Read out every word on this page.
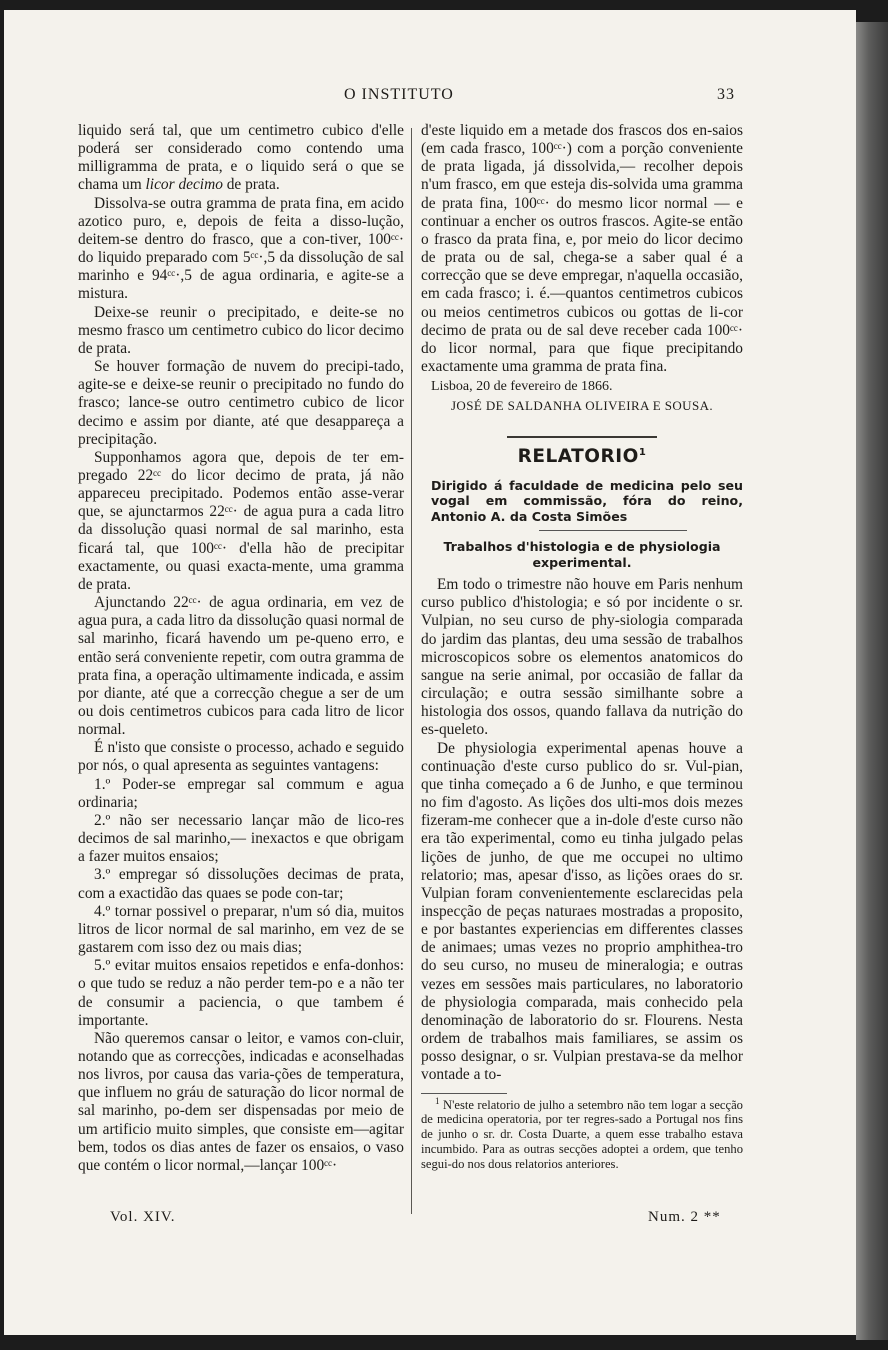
O INSTITUTO	33

liquido será tal, que um centimetro cubico d'elle poderá ser considerado como contendo uma milligramma de prata, e o liquido será o que se chama um licor decimo de prata.

Dissolva-se outra gramma de prata fina, em acido azotico puro, e, depois de feita a disso-lução, deitem-se dentro do frasco, que a con-tiver, 100ᶜᶜ· do liquido preparado com 5ᶜᶜ·,5 da dissolução de sal marinho e 94ᶜᶜ·,5 de agua ordinaria, e agite-se a mistura.

Deixe-se reunir o precipitado, e deite-se no mesmo frasco um centimetro cubico do licor decimo de prata.

Se houver formação de nuvem do precipi-tado, agite-se e deixe-se reunir o precipitado no fundo do frasco; lance-se outro centimetro cubico de licor decimo e assim por diante, até que desappareça a precipitação.

Supponhamos agora que, depois de ter em-pregado 22ᶜᶜ do licor decimo de prata, já não appareceu precipitado. Podemos então asse-verar que, se ajunctarmos 22ᶜᶜ· de agua pura a cada litro da dissolução quasi normal de sal marinho, esta ficará tal, que 100ᶜᶜ· d'ella hão de precipitar exactamente, ou quasi exacta-mente, uma gramma de prata.

Ajunctando 22ᶜᶜ· de agua ordinaria, em vez de agua pura, a cada litro da dissolução quasi normal de sal marinho, ficará havendo um pe-queno erro, e então será conveniente repetir, com outra gramma de prata fina, a operação ultimamente indicada, e assim por diante, até que a correcção chegue a ser de um ou dois centimetros cubicos para cada litro de licor normal.

É n'isto que consiste o processo, achado e seguido por nós, o qual apresenta as seguintes vantagens:

1.º Poder-se empregar sal commum e agua ordinaria;

2.º não ser necessario lançar mão de lico-res decimos de sal marinho,— inexactos e que obrigam a fazer muitos ensaios;

3.º empregar só dissoluções decimas de prata, com a exactidão das quaes se pode con-tar;

4.º tornar possivel o preparar, n'um só dia, muitos litros de licor normal de sal marinho, em vez de se gastarem com isso dez ou mais dias;

5.º evitar muitos ensaios repetidos e enfa-donhos: o que tudo se reduz a não perder tem-po e a não ter de consumir a paciencia, o que tambem é importante.

Não queremos cansar o leitor, e vamos con-cluir, notando que as correcções, indicadas e aconselhadas nos livros, por causa das varia-ções de temperatura, que influem no gráu de saturação do licor normal de sal marinho, po-dem ser dispensadas por meio de um artificio muito simples, que consiste em—agitar bem, todos os dias antes de fazer os ensaios, o vaso que contém o licor normal,—lançar 100ᶜᶜ·

d'este liquido em a metade dos frascos dos en-saios (em cada frasco, 100ᶜᶜ·) com a porção conveniente de prata ligada, já dissolvida,— recolher depois n'um frasco, em que esteja dis-solvida uma gramma de prata fina, 100ᶜᶜ· do mesmo licor normal — e continuar a encher os outros frascos. Agite-se então o frasco da prata fina, e, por meio do licor decimo de prata ou de sal, chega-se a saber qual é a correcção que se deve empregar, n'aquella occasião, em cada frasco; i. é.—quantos centimetros cubicos ou meios centimetros cubicos ou gottas de li-cor decimo de prata ou de sal deve receber cada 100ᶜᶜ· do licor normal, para que fique precipitando exactamente uma gramma de prata fina.

Lisboa, 20 de fevereiro de 1866.
JOSÉ DE SALDANHA OLIVEIRA E SOUSA.
RELATORIO$^1$
Dirigido á faculdade de medicina pelo seu vogal em commissão, fóra do reino, Antonio A. da Costa Simões
Trabalhos d'histologia e de physiologia experimental.

Em todo o trimestre não houve em Paris nenhum curso publico d'histologia; e só por incidente o sr. Vulpian, no seu curso de phy-siologia comparada do jardim das plantas, deu uma sessão de trabalhos microscopicos sobre os elementos anatomicos do sangue na serie animal, por occasião de fallar da circulação; e outra sessão similhante sobre a histologia dos ossos, quando fallava da nutrição do es-queleto.

De physiologia experimental apenas houve a continuação d'este curso publico do sr. Vul-pian, que tinha começado a 6 de Junho, e que terminou no fim d'agosto. As lições dos ulti-mos dois mezes fizeram-me conhecer que a in-dole d'este curso não era tão experimental, como eu tinha julgado pelas lições de junho, de que me occupei no ultimo relatorio; mas, apesar d'isso, as lições oraes do sr. Vulpian foram convenientemente esclarecidas pela inspecção de peças naturaes mostradas a proposito, e por bastantes experiencias em differentes classes de animaes; umas vezes no proprio amphithea-tro do seu curso, no museu de mineralogia; e outras vezes em sessões mais particulares, no laboratorio de physiologia comparada, mais conhecido pela denominação de laboratorio do sr. Flourens. Nesta ordem de trabalhos mais familiares, se assim os posso designar, o sr. Vulpian prestava-se da melhor vontade a to-

$^1$ N'este relatorio de julho a setembro não tem logar a secção de medicina operatoria, por ter regres-sado a Portugal nos fins de junho o sr. dr. Costa Duarte, a quem esse trabalho estava incumbido. Para as outras secções adoptei a ordem, que tenho segui-do nos dous relatorios anteriores.
Vol. XIV.	Num. 2 **
